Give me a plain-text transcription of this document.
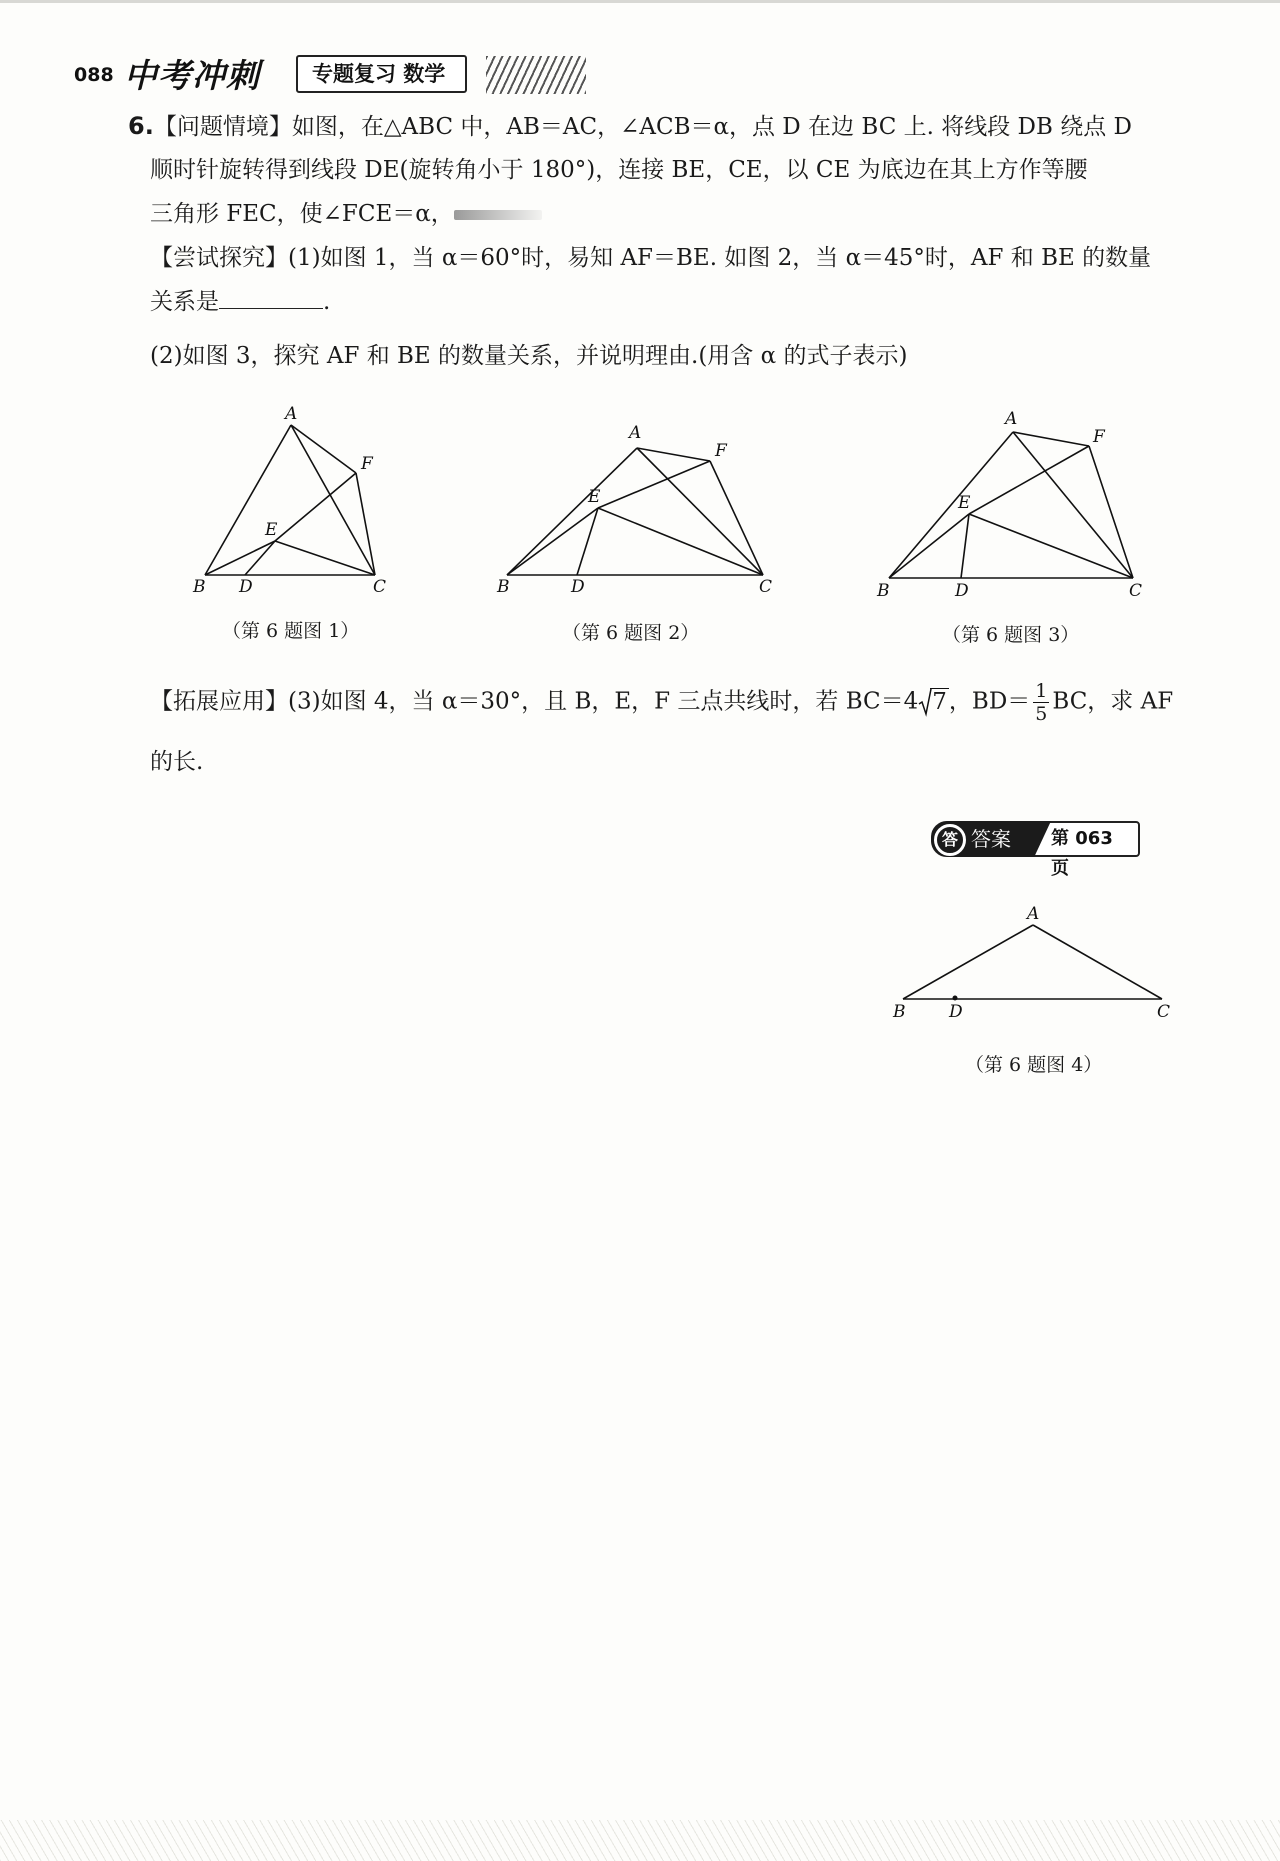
088 中考冲刺	专题复习 数学
6.【问题情境】如图，在△ABC 中，AB＝AC，∠ACB＝α，点 D 在边 BC 上. 将线段 DB 绕点 D
顺时针旋转得到线段 DE(旋转角小于 180°)，连接 BE，CE，以 CE 为底边在其上方作等腰
三角形 FEC，使∠FCE＝α，
【尝试探究】(1)如图 1，当 α＝60°时，易知 AF＝BE. 如图 2，当 α＝45°时，AF 和 BE 的数量
关系是	.
(2)如图 3，探究 AF 和 BE 的数量关系，并说明理由.(用含 α 的式子表示)
A
F
E
B D	C
（第 6 题图 1）
A
F
E
B	D	C
（第 6 题图 2）
A
F
E
B	D	C
（第 6 题图 3）
【拓展应用】(3)如图 4，当 α＝30°，且 B，E，F 三点共线时，若 BC＝4 7，$BD= \frac{1}{5}$ BC，求 AF
的长.
答 答案 第 063 页
A
B	D	C
（第 6 题图 4）
